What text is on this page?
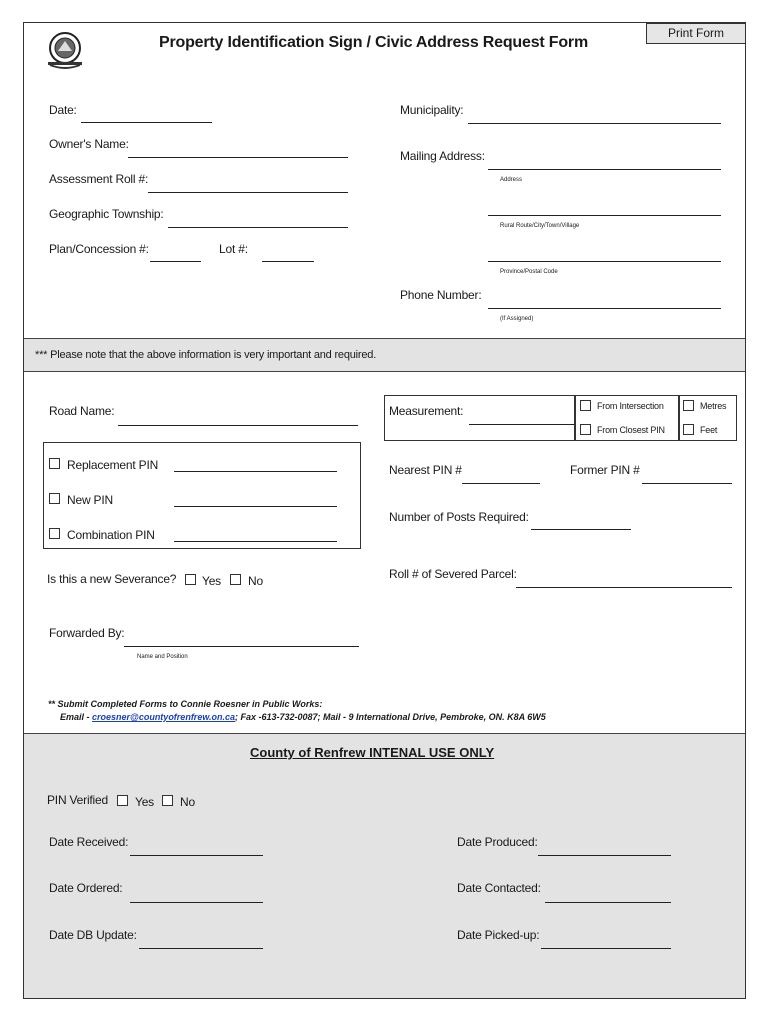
Property Identification Sign / Civic Address Request Form
Print Form
Date:
Owner's Name:
Assessment Roll #:
Geographic Township:
Plan/Concession #:	Lot #:
Municipality:
Mailing Address:
Address
Rural Route/City/Town/Village
Province/Postal Code
Phone Number:
(If Assigned)
*** Please note that the above information is very important and required.
Road Name:	Measurement:	From Intersection
From Closest PIN
Metres
Feet
Replacement PIN
New PIN
Combination PIN
Nearest PIN #	Former PIN #
Number of Posts Required:
Roll # of Severed Parcel:
Is this a new Severance? Yes No
Forwarded By:
Name and Position
** Submit Completed Forms to Connie Roesner in Public Works:
Email - croesner@countyofrenfrew.on.ca; Fax -613-732-0087; Mail - 9 International Drive, Pembroke, ON. K8A 6W5
County of Renfrew INTENAL USE ONLY
PIN Verified Yes No
Date Received:	Date Produced:
Date Ordered:	Date Contacted:
Date DB Update:	Date Picked-up:
